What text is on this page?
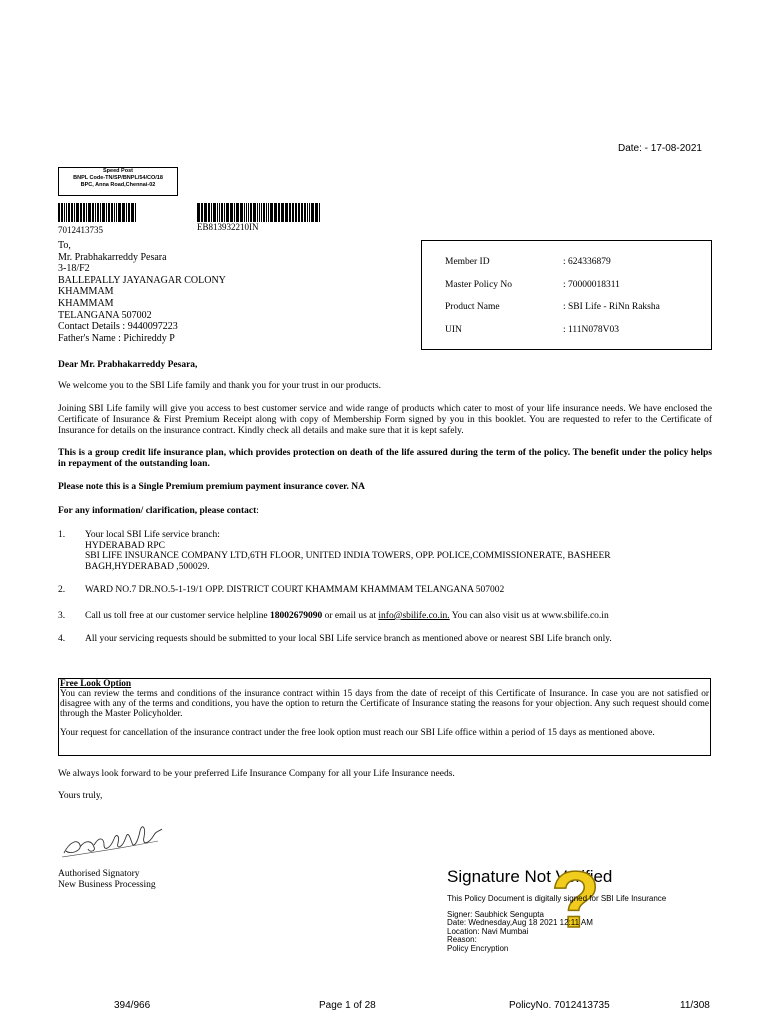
Date: - 17-08-2021
Speed Post
BNPL Code-TN/SP/BNPL/54/CO/18
BPC, Anna Road,Chennai-02
7012413735	EB813932210IN
To,
Mr. Prabhakarreddy Pesara
3-18/F2
BALLEPALLY JAYANAGAR COLONY
KHAMMAM
KHAMMAM
TELANGANA 507002
Contact Details : 9440097223
Father's Name : Pichireddy P
Member ID	: 624336879
Master Policy No	: 70000018311
Product Name	: SBI Life - RiNn Raksha
UIN	: 111N078V03
Dear Mr. Prabhakarreddy Pesara,
We welcome you to the SBI Life family and thank you for your trust in our products.
Joining SBI Life family will give you access to best customer service and wide range of products which cater to most of your life insurance needs. We have enclosed the Certificate of Insurance & First Premium Receipt along with copy of Membership Form signed by you in this booklet. You are requested to refer to the Certificate of Insurance for details on the insurance contract. Kindly check all details and make sure that it is kept safely.
This is a group credit life insurance plan, which provides protection on death of the life assured during the term of the policy. The benefit under the policy helps in repayment of the outstanding loan.
Please note this is a Single Premium premium payment insurance cover. NA
For any information/ clarification, please contact:
1. Your local SBI Life service branch:
HYDERABAD RPC
SBI LIFE INSURANCE COMPANY LTD,6TH FLOOR, UNITED INDIA TOWERS, OPP. POLICE,COMMISSIONERATE, BASHEER
BAGH,HYDERABAD ,500029.
2. WARD NO.7 DR.NO.5-1-19/1 OPP. DISTRICT COURT KHAMMAM KHAMMAM TELANGANA 507002
3. Call us toll free at our customer service helpline 18002679090 or email us at info@sbilife.co.in. You can also visit us at www.sbilife.co.in
4. All your servicing requests should be submitted to your local SBI Life service branch as mentioned above or nearest SBI Life branch only.
Free Look Option
You can review the terms and conditions of the insurance contract within 15 days from the date of receipt of this Certificate of Insurance. In case you are not satisfied or disagree with any of the terms and conditions, you have the option to return the Certificate of Insurance stating the reasons for your objection. Any such request should come through the Master Policyholder.
Your request for cancellation of the insurance contract under the free look option must reach our SBI Life office within a period of 15 days as mentioned above.
We always look forward to be your preferred Life Insurance Company for all your Life Insurance needs.
Yours truly,
Authorised Signatory
New Business Processing	Signature Not Verified
?
This Policy Document is digitally signed for SBI Life Insurance
Signer: Saubhick Sengupta
Date: Wednesday,Aug 18 2021 12:11 AM
Location: Navi Mumbai
Reason:
Policy Encryption
394/966	Page 1 of 28	PolicyNo. 7012413735	11/308
